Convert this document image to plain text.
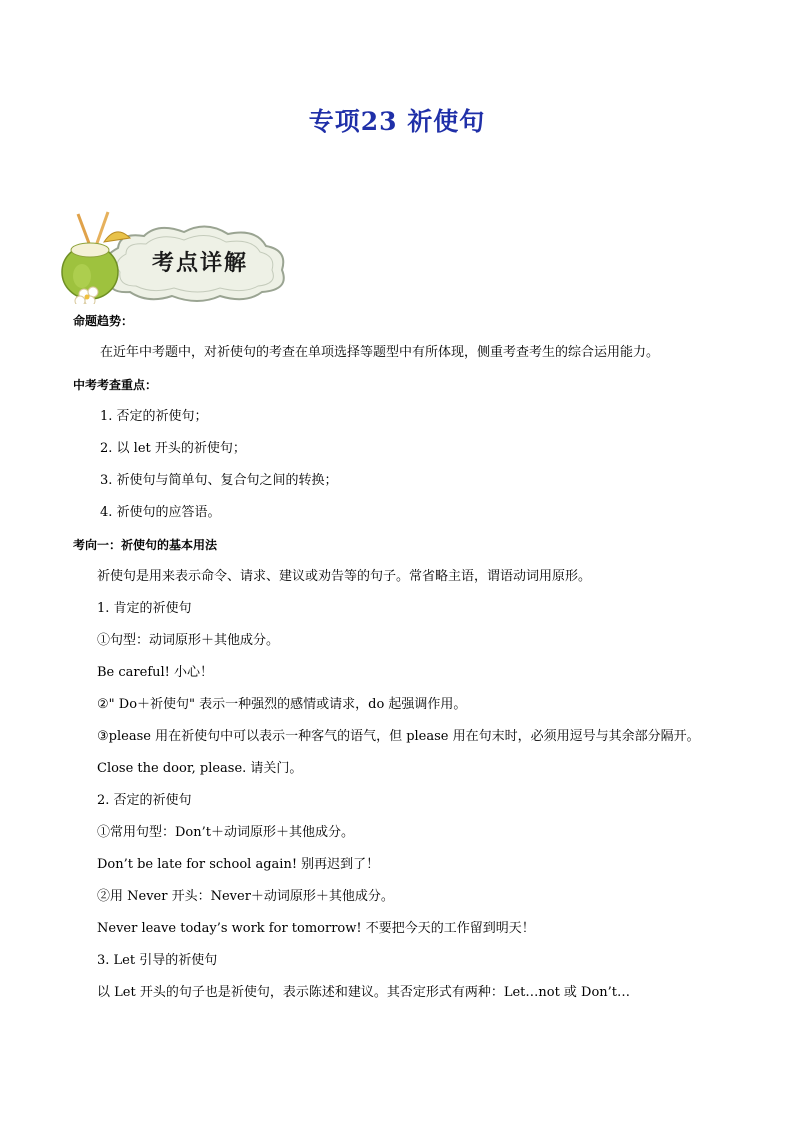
专项23 祈使句
考点详解
命题趋势：
在近年中考题中，对祈使句的考查在单项选择等题型中有所体现，侧重考查考生的综合运用能力。
中考考查重点：
1. 否定的祈使句；
2. 以 let 开头的祈使句；
3. 祈使句与简单句、复合句之间的转换；
4. 祈使句的应答语。
考向一：祈使句的基本用法
祈使句是用来表示命令、请求、建议或劝告等的句子。常省略主语，谓语动词用原形。
1. 肯定的祈使句
①句型：动词原形＋其他成分。
Be careful! 小心！
②" Do＋祈使句" 表示一种强烈的感情或请求，do 起强调作用。
③please 用在祈使句中可以表示一种客气的语气，但 please 用在句末时，必须用逗号与其余部分隔开。
Close the door, please. 请关门。
2. 否定的祈使句
①常用句型：Don’t＋动词原形＋其他成分。
Don’t be late for school again! 别再迟到了！
②用 Never 开头：Never＋动词原形＋其他成分。
Never leave today’s work for tomorrow! 不要把今天的工作留到明天！
3. Let 引导的祈使句
以 Let 开头的句子也是祈使句，表示陈述和建议。其否定形式有两种：Let…not 或 Don’t…
